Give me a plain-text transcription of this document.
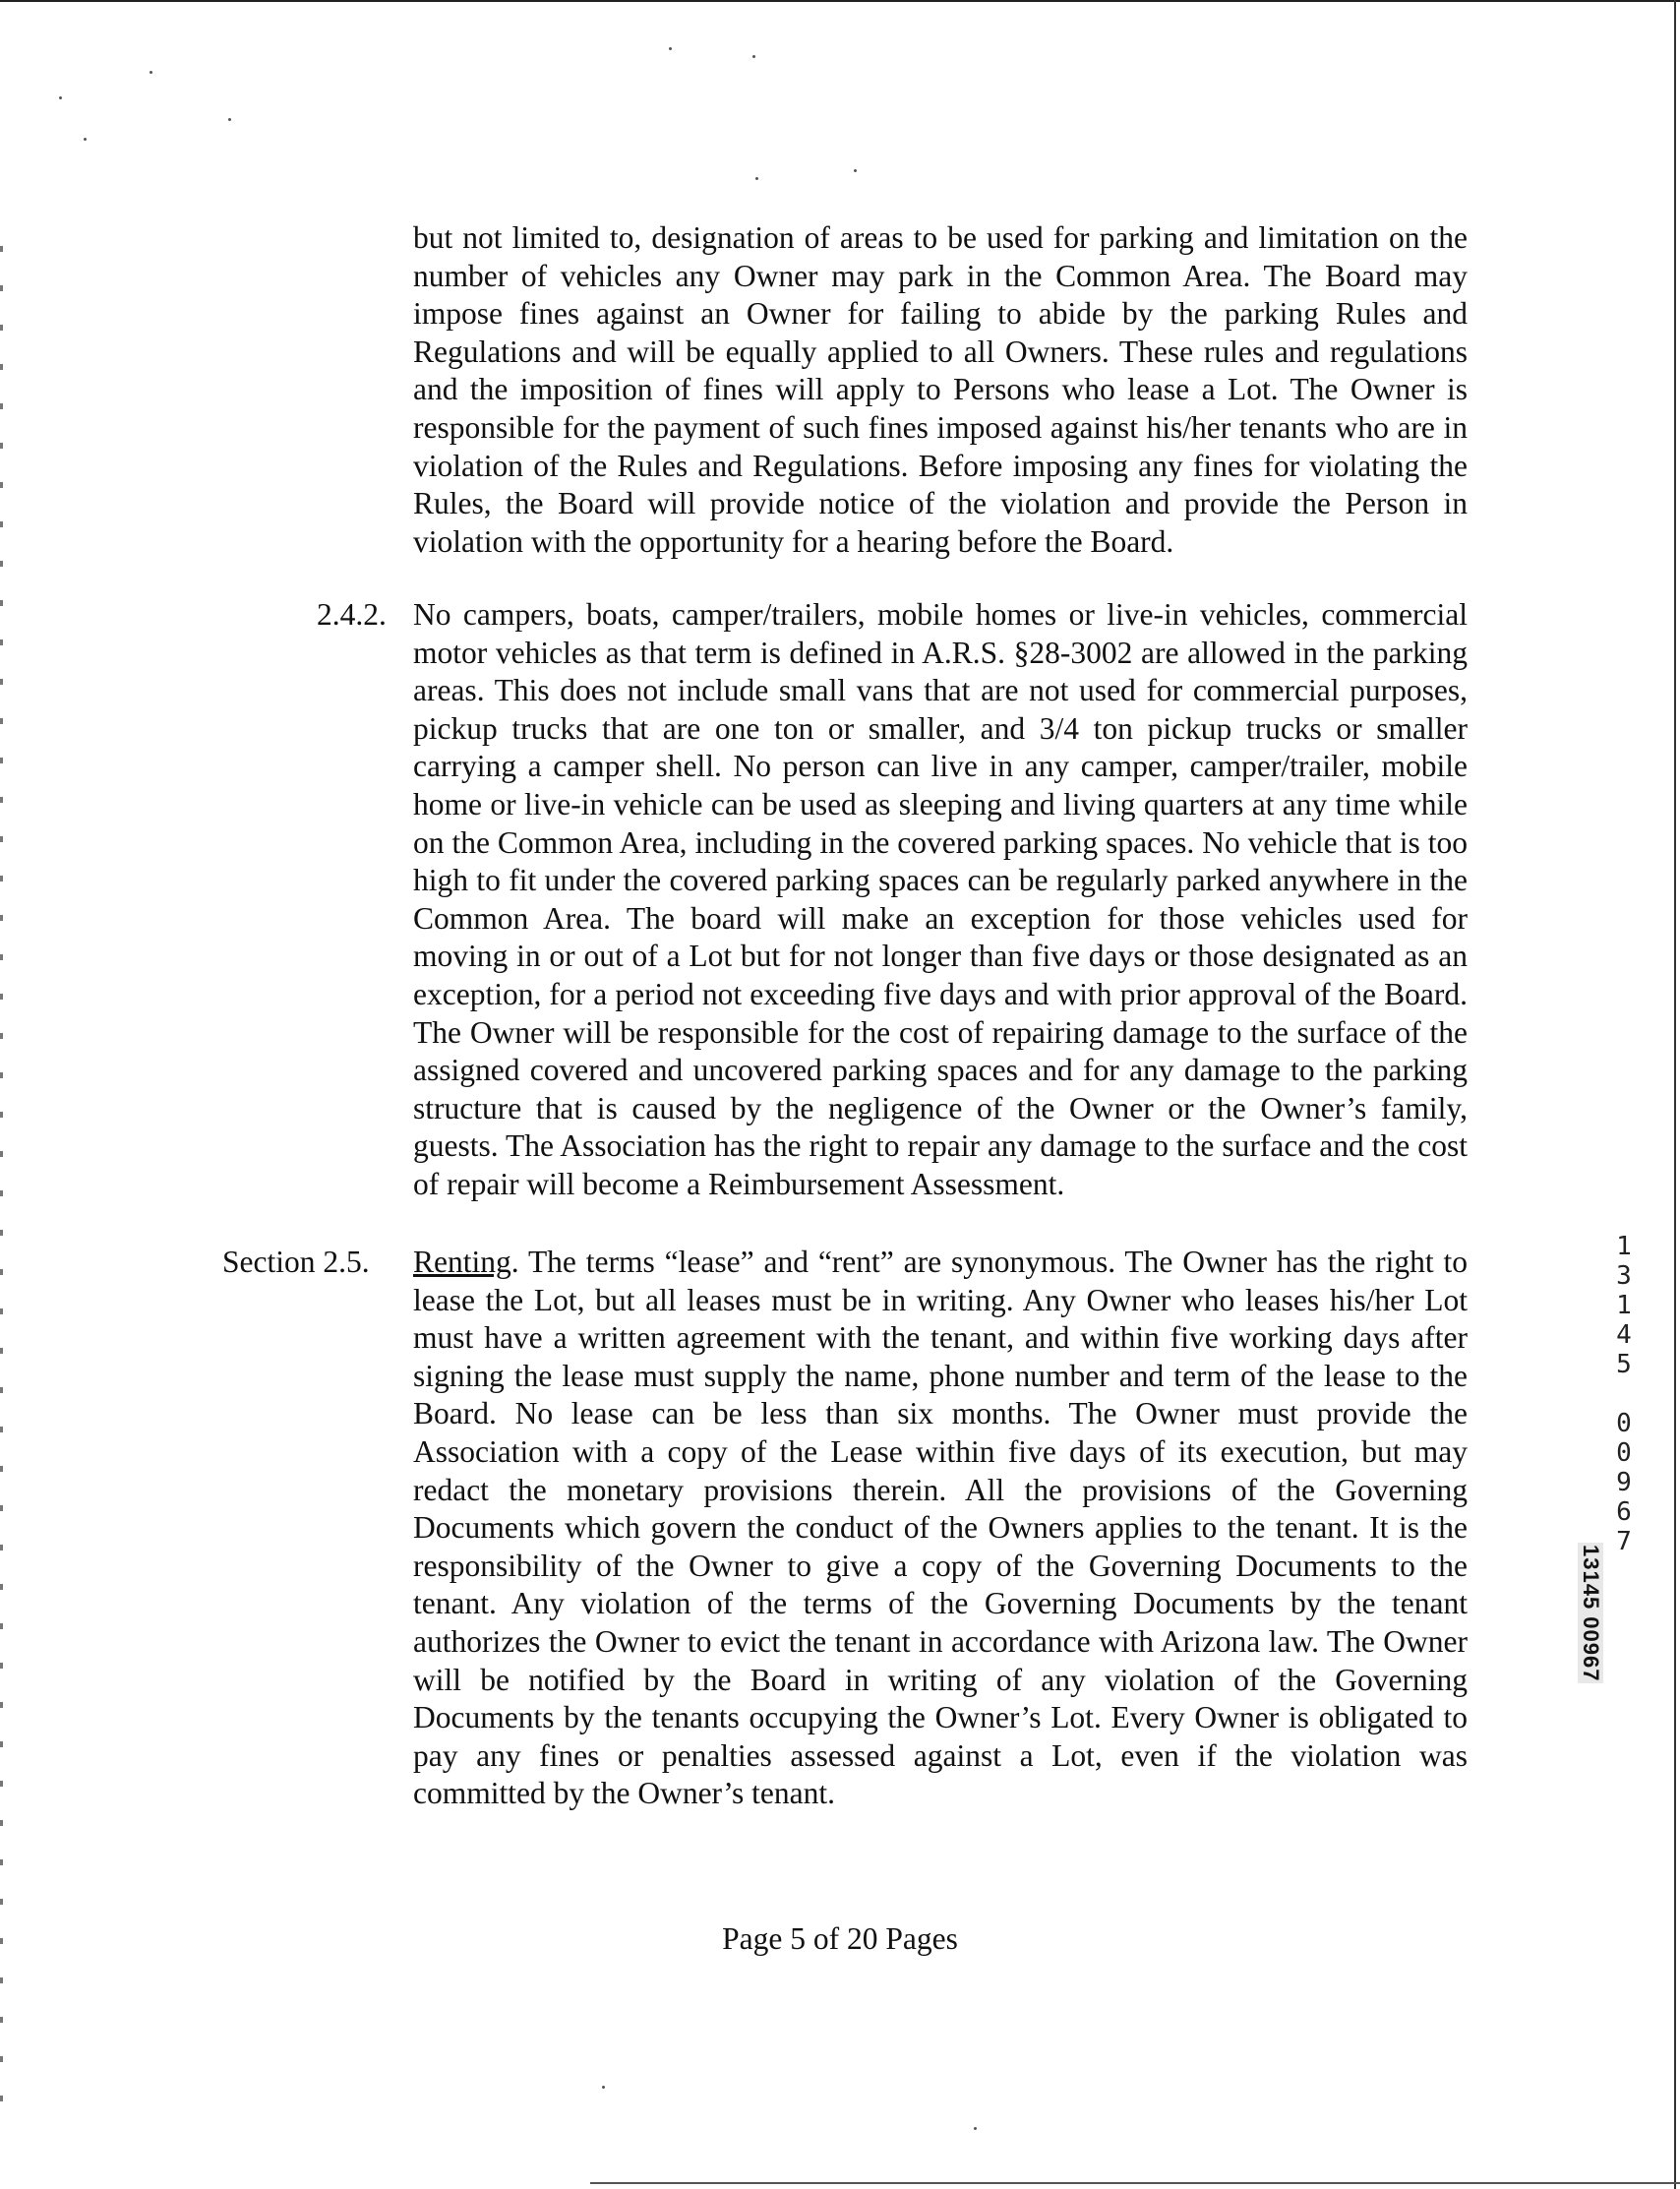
but not limited to, designation of areas to be used for parking and limitation on the number of vehicles any Owner may park in the Common Area. The Board may impose fines against an Owner for failing to abide by the parking Rules and Regulations and will be equally applied to all Owners. These rules and regulations and the imposition of fines will apply to Persons who lease a Lot. The Owner is responsible for the payment of such fines imposed against his/her tenants who are in violation of the Rules and Regulations. Before imposing any fines for violating the Rules, the Board will provide notice of the violation and provide the Person in violation with the opportunity for a hearing before the Board.

2.4.2. No campers, boats, camper/trailers, mobile homes or live-in vehicles, commercial motor vehicles as that term is defined in A.R.S. §28-3002 are allowed in the parking areas. This does not include small vans that are not used for commercial purposes, pickup trucks that are one ton or smaller, and 3/4 ton pickup trucks or smaller carrying a camper shell. No person can live in any camper, camper/trailer, mobile home or live-in vehicle can be used as sleeping and living quarters at any time while on the Common Area, including in the covered parking spaces. No vehicle that is too high to fit under the covered parking spaces can be regularly parked anywhere in the Common Area. The board will make an exception for those vehicles used for moving in or out of a Lot but for not longer than five days or those designated as an exception, for a period not exceeding five days and with prior approval of the Board. The Owner will be responsible for the cost of repairing damage to the surface of the assigned covered and uncovered parking spaces and for any damage to the parking structure that is caused by the negligence of the Owner or the Owner’s family, guests. The Association has the right to repair any damage to the surface and the cost of repair will become a Reimbursement Assessment.

Section 2.5. Renting. The terms “lease” and “rent” are synonymous. The Owner has the right to lease the Lot, but all leases must be in writing. Any Owner who leases his/her Lot must have a written agreement with the tenant, and within five working days after signing the lease must supply the name, phone number and term of the lease to the Board. No lease can be less than six months. The Owner must provide the Association with a copy of the Lease within five days of its execution, but may redact the monetary provisions therein. All the provisions of the Governing Documents which govern the conduct of the Owners applies to the tenant. It is the responsibility of the Owner to give a copy of the Governing Documents to the tenant. Any violation of the terms of the Governing Documents by the tenant authorizes the Owner to evict the tenant in accordance with Arizona law. The Owner will be notified by the Board in writing of any violation of the Governing Documents by the tenants occupying the Owner’s Lot. Every Owner is obligated to pay any fines or penalties assessed against a Lot, even if the violation was committed by the Owner’s tenant.

Page 5 of 20 Pages
1
3
1
4
5

0
0
9
6
7
13145 00967
